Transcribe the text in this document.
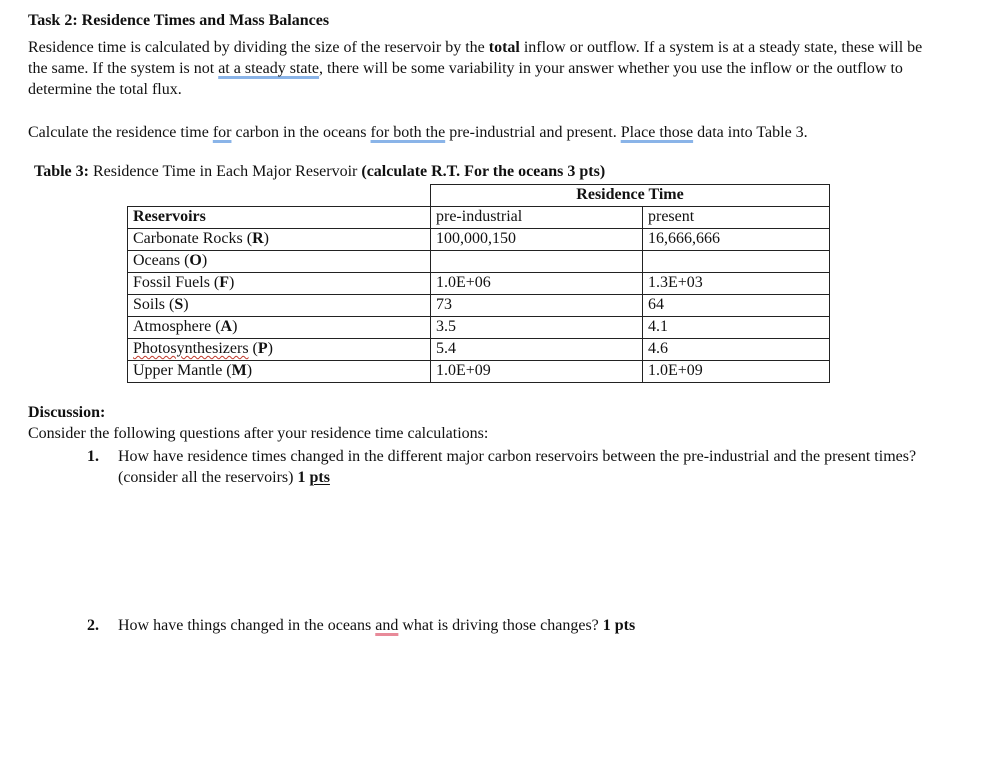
Task 2: Residence Times and Mass Balances

Residence time is calculated by dividing the size of the reservoir by the total inflow or outflow. If a system is at a steady state, these will be the same. If the system is not at a steady state, there will be some variability in your answer whether you use the inflow or the outflow to determine the total flux.

Calculate the residence time for carbon in the oceans for both the pre-industrial and present. Place those data into Table 3.

Table 3: Residence Time in Each Major Reservoir (calculate R.T. For the oceans 3 pts)

	Residence Time	
Reservoirs	pre-industrial	present
Carbonate Rocks (R)	100,000,150	16,666,666
Oceans (O)		
Fossil Fuels (F)	1.0E+06	1.3E+03
Soils (S)	73	64
Atmosphere (A)	3.5	4.1
Photosynthesizers (P)	5.4	4.6
Upper Mantle (M)	1.0E+09	1.0E+09

Discussion:

Consider the following questions after your residence time calculations:

1. How have residence times changed in the different major carbon reservoirs between the pre-industrial and the present times? (consider all the reservoirs) 1 pts

2. How have things changed in the oceans and what is driving those changes? 1 pts
